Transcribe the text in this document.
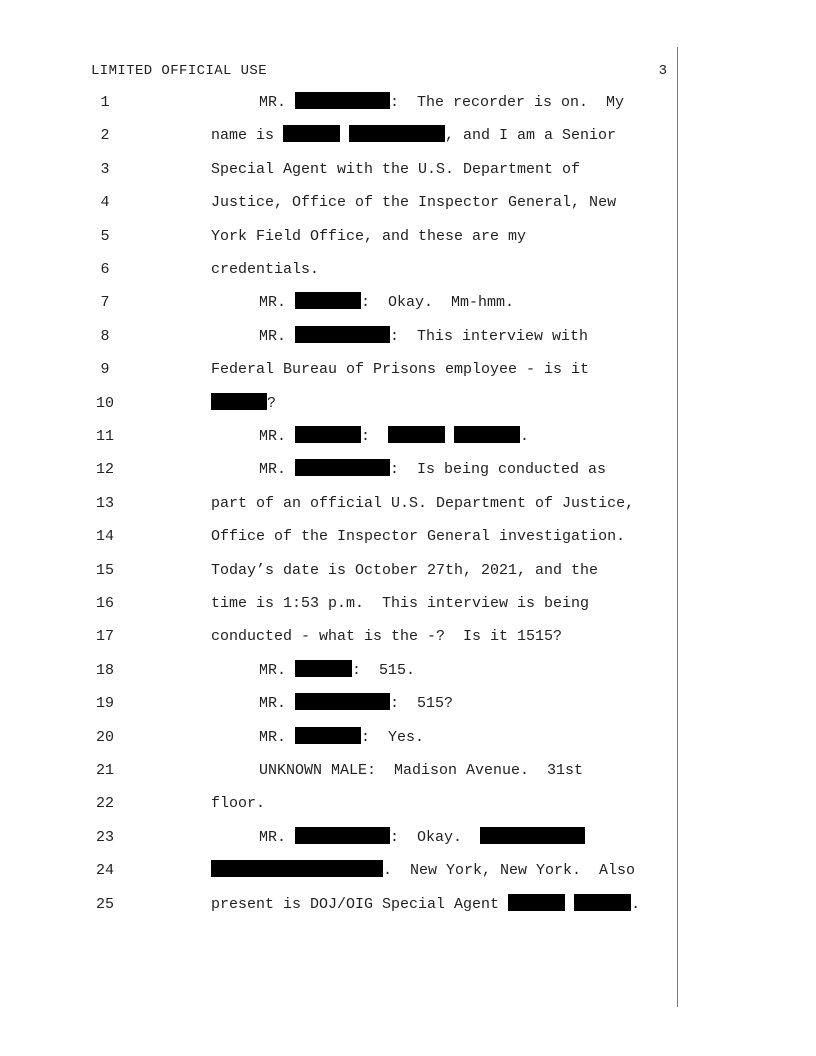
LIMITED OFFICIAL USE	3
1	MR.	:  The recorder is on.  My
2	name is	, and I am a Senior
3	Special Agent with the U.S. Department of
4	Justice, Office of the Inspector General, New
5	York Field Office, and these are my
6	credentials.
7	MR.	:  Okay.  Mm-hmm.
8	MR.	:  This interview with
9	Federal Bureau of Prisons employee - is it
10	?
11	MR.	:	.
12	MR.	:  Is being conducted as
13	part of an official U.S. Department of Justice,
14	Office of the Inspector General investigation.
15	Today’s date is October 27th, 2021, and the
16	time is 1:53 p.m.  This interview is being
17	conducted - what is the -?  Is it 1515?
18	MR.	:  515.
19	MR.	:  515?
20	MR.	:  Yes.
21	UNKNOWN MALE:  Madison Avenue.  31st
22	floor.
23	MR.	:  Okay.
24	.  New York, New York.  Also
25	present is DOJ/OIG Special Agent	.
